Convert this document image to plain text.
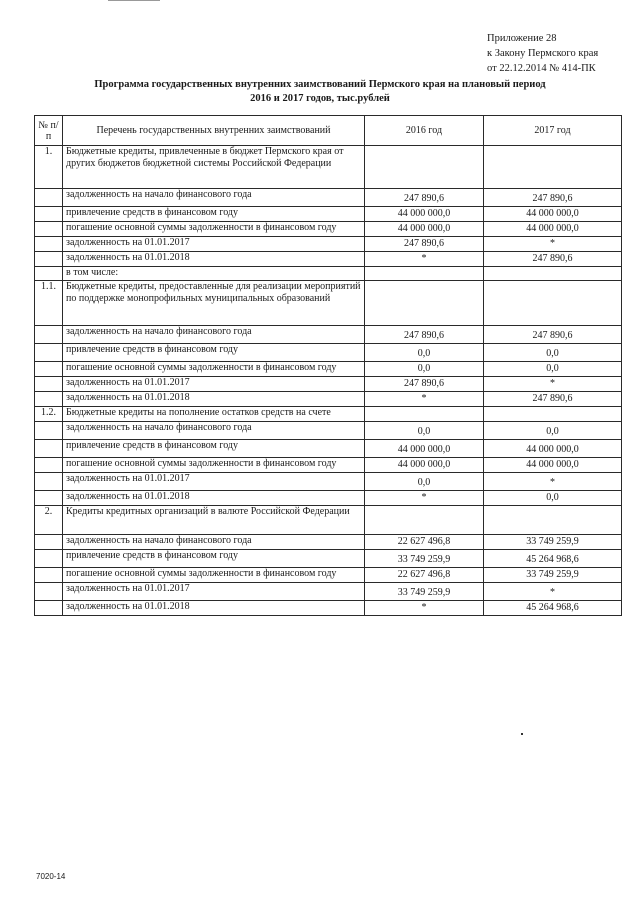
Приложение 28
к Закону Пермского края
от 22.12.2014 № 414-ПК
Программа государственных внутренних заимствований Пермского края на плановый период
2016 и 2017 годов, тыс.рублей
№ п/п	Перечень государственных внутренних заимствований	2016 год	2017 год
1.	Бюджетные кредиты, привлеченные в бюджет Пермского края от других бюджетов бюджетной системы Российской Федерации		
	задолженность на начало финансового года	247 890,6	247 890,6
	привлечение средств в финансовом году	44 000 000,0	44 000 000,0
	погашение основной суммы задолженности в финансовом году	44 000 000,0	44 000 000,0
	задолженность на 01.01.2017	247 890,6	*
	задолженность на 01.01.2018	*	247 890,6
	в том числе:		
1.1.	Бюджетные кредиты, предоставленные для реализации мероприятий по поддержке монопрофильных муниципальных образований		
	задолженность на начало финансового года	247 890,6	247 890,6
	привлечение средств в финансовом году	0,0	0,0
	погашение основной суммы задолженности в финансовом году	0,0	0,0
	задолженность на 01.01.2017	247 890,6	*
	задолженность на 01.01.2018	*	247 890,6
1.2.	Бюджетные кредиты на пополнение остатков средств на счете		
	задолженность на начало финансового года	0,0	0,0
	привлечение средств в финансовом году	44 000 000,0	44 000 000,0
	погашение основной суммы задолженности в финансовом году	44 000 000,0	44 000 000,0
	задолженность на 01.01.2017	0,0	*
	задолженность на 01.01.2018	*	0,0
2.	Кредиты кредитных организаций в валюте Российской Федерации		
	задолженность на начало финансового года	22 627 496,8	33 749 259,9
	привлечение средств в финансовом году	33 749 259,9	45 264 968,6
	погашение основной суммы задолженности в финансовом году	22 627 496,8	33 749 259,9
	задолженность на 01.01.2017	33 749 259,9	*
	задолженность на 01.01.2018	*	45 264 968,6
7020-14
